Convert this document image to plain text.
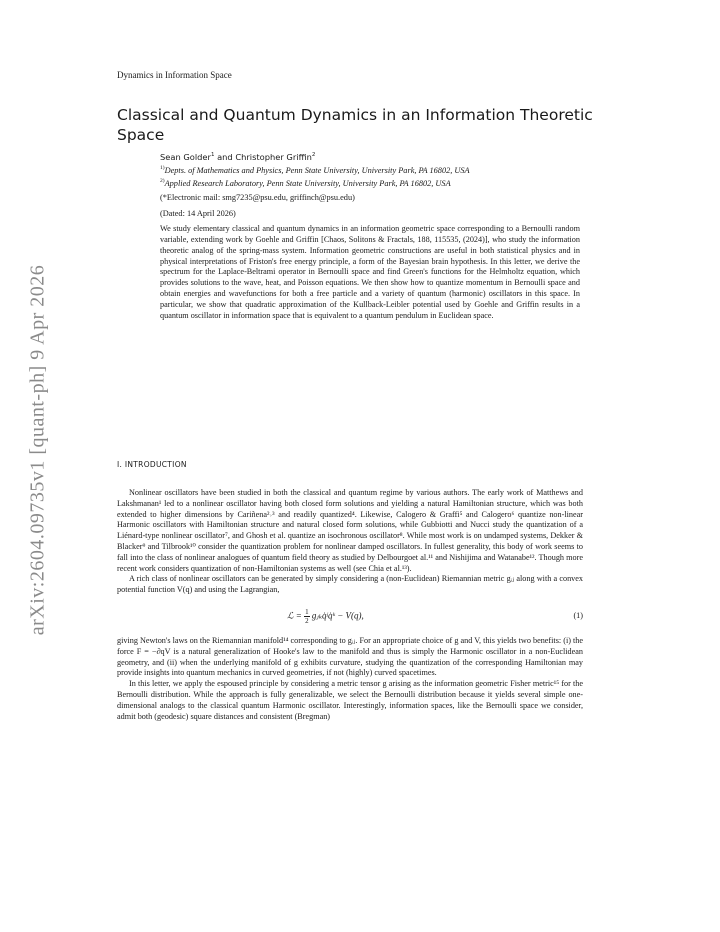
arXiv:2604.09735v1 [quant-ph] 9 Apr 2026
Dynamics in Information Space
Classical and Quantum Dynamics in an Information Theoretic Space
Sean Golder$^1$ and Christopher Griffin$^2$
$^{1)}$Depts. of Mathematics and Physics, Penn State University, University Park, PA 16802, USA
$^{2)}$Applied Research Laboratory, Penn State University, University Park, PA 16802, USA
(*Electronic mail: smg7235@psu.edu, griffinch@psu.edu)
(Dated: 14 April 2026)
We study elementary classical and quantum dynamics in an information geometric space corresponding to a Bernoulli random variable, extending work by Goehle and Griffin [Chaos, Solitons & Fractals, 188, 115535, (2024)], who study the information theoretic analog of the spring-mass system. Information geometric constructions are useful in both statistical physics and in physical interpretations of Friston's free energy principle, a form of the Bayesian brain hypothesis. In this letter, we derive the spectrum for the Laplace-Beltrami operator in Bernoulli space and find Green's functions for the Helmholtz equation, which provides solutions to the wave, heat, and Poisson equations. We then show how to quantize momentum in Bernoulli space and obtain energies and wavefunctions for both a free particle and a variety of quantum (harmonic) oscillators in this space. In particular, we show that quadratic approximation of the Kullback-Leibler potential used by Goehle and Griffin results in a quantum oscillator in information space that is equivalent to a quantum pendulum in Euclidean space.
I. INTRODUCTION

Nonlinear oscillators have been studied in both the classical and quantum regime by various authors. The early work of Matthews and Lakshmanan¹ led to a nonlinear oscillator having both closed form solutions and yielding a natural Hamiltonian structure, which was both extended to higher dimensions by Cariñena²˒³ and readily quantized⁴. Likewise, Calogero & Graffi⁵ and Calogero⁶ quantize non-linear Harmonic oscillators with Hamiltonian structure and natural closed form solutions, while Gubbiotti and Nucci study the quantization of a Liénard-type nonlinear oscillator⁷, and Ghosh et al. quantize an isochronous oscillator⁸. While most work is on undamped systems, Dekker & Blacker⁹ and Tilbrook¹⁰ consider the quantization problem for nonlinear damped oscillators. In fullest generality, this body of work seems to fall into the class of nonlinear analogues of quantum field theory as studied by Delbourgoet al.¹¹ and Nishijima and Watanabe¹². Though more recent work considers quantization of non-Hamiltonian systems as well (see Chia et al.¹³).

A rich class of nonlinear oscillators can be generated by simply considering a (non-Euclidean) Riemannian metric gᵢⱼ along with a convex potential function V(q) and using the Lagrangian,

ℒ = $\frac{1}{2}$ gⱼₖq̇ʲq̇ᵏ − V(q),	(1)

giving Newton's laws on the Riemannian manifold¹⁴ corresponding to gᵢⱼ. For an appropriate choice of g and V, this yields two benefits: (i) the force F = −∂qV is a natural generalization of Hooke's law to the manifold and thus is simply the Harmonic oscillator in a non-Euclidean geometry, and (ii) when the underlying manifold of g exhibits curvature, studying the quantization of the corresponding Hamiltonian may provide insights into quantum mechanics in curved geometries, if not (highly) curved spacetimes.

In this letter, we apply the espoused principle by considering a metric tensor g arising as the information geometric Fisher metric¹⁵ for the Bernoulli distribution. While the approach is fully generalizable, we select the Bernoulli distribution because it yields several simple one-dimensional analogs to the classical quantum Harmonic oscillator. Interestingly, information spaces, like the Bernoulli space we consider, admit both (geodesic) square distances and consistent (Bregman)
